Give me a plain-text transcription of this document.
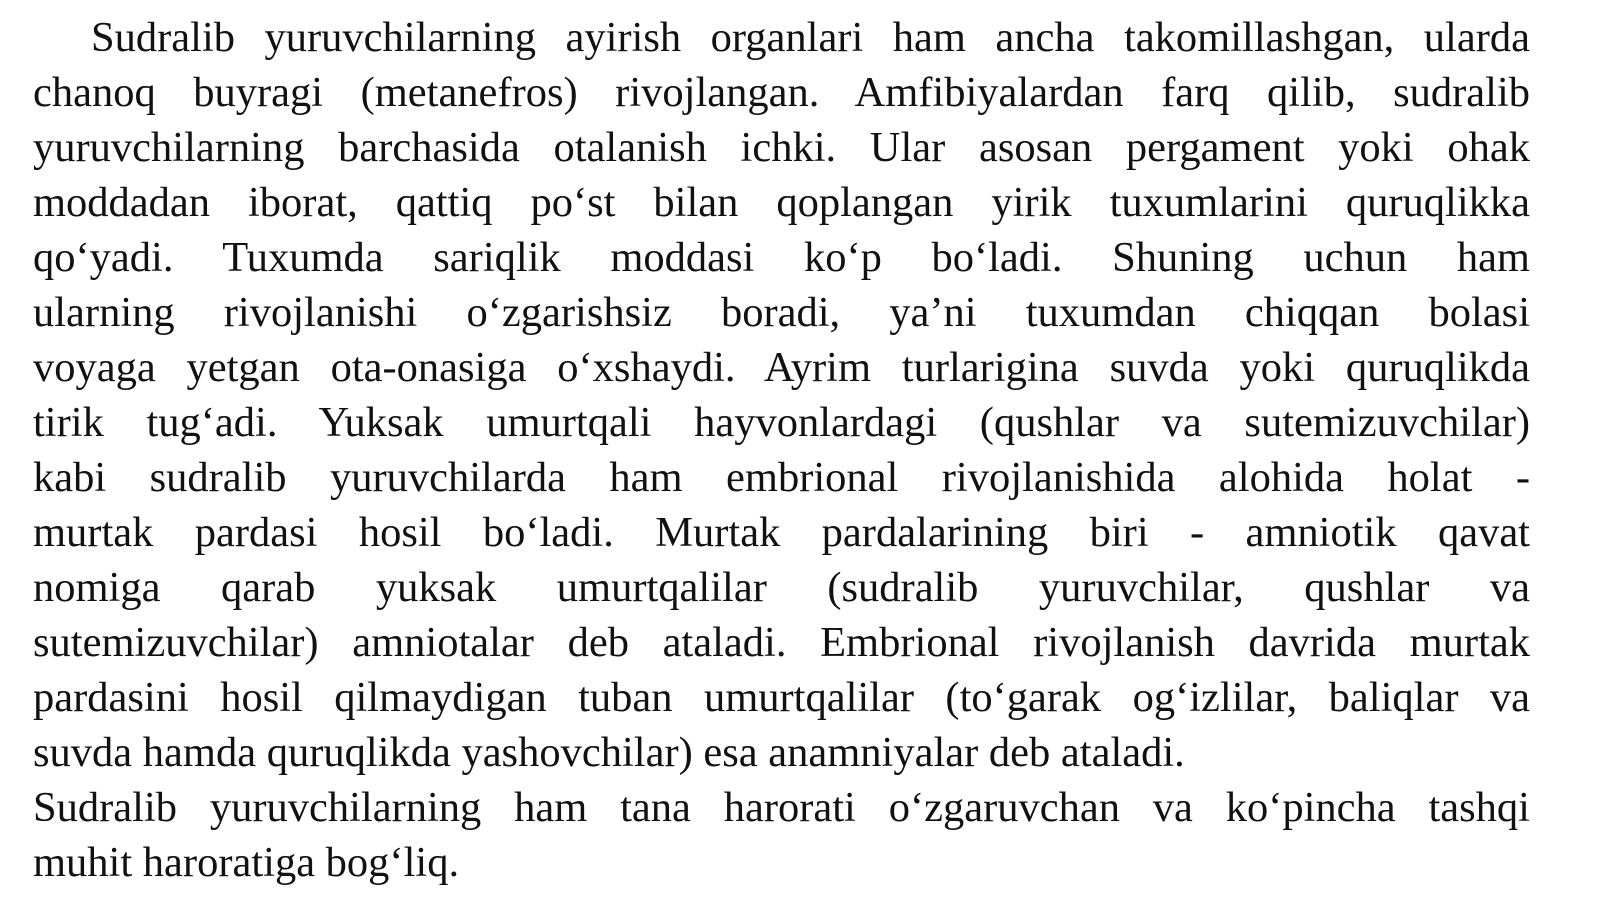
Sudralib yuruvchilarning ayirish organlari ham ancha takomillashgan, ularda
chanoq buyragi (metanefros) rivojlangan. Amfibiyalardan farq qilib, sudralib
yuruvchilarning barchasida otalanish ichki. Ular asosan pergament yoki ohak
moddadan iborat, qattiq po‘st bilan qoplangan yirik tuxumlarini quruqlikka
qo‘yadi. Tuxumda sariqlik moddasi ko‘p bo‘ladi. Shuning uchun ham
ularning rivojlanishi o‘zgarishsiz boradi, ya’ni tuxumdan chiqqan bolasi
voyaga yetgan ota-onasiga o‘xshaydi. Ayrim turlarigina suvda yoki quruqlikda
tirik tug‘adi. Yuksak umurtqali hayvonlardagi (qushlar va sutemizuvchilar)
kabi sudralib yuruvchilarda ham embrional rivojlanishida alohida holat -
murtak pardasi hosil bo‘ladi. Murtak pardalarining biri - amniotik qavat
nomiga qarab yuksak umurtqalilar (sudralib yuruvchilar, qushlar va
sutemizuvchilar) amniotalar deb ataladi. Embrional rivojlanish davrida murtak
pardasini hosil qilmaydigan tuban umurtqalilar (to‘garak og‘izlilar, baliqlar va
suvda hamda quruqlikda yashovchilar) esa anamniyalar deb ataladi.
Sudralib yuruvchilarning ham tana harorati o‘zgaruvchan va ko‘pincha tashqi
muhit haroratiga bog‘liq.
